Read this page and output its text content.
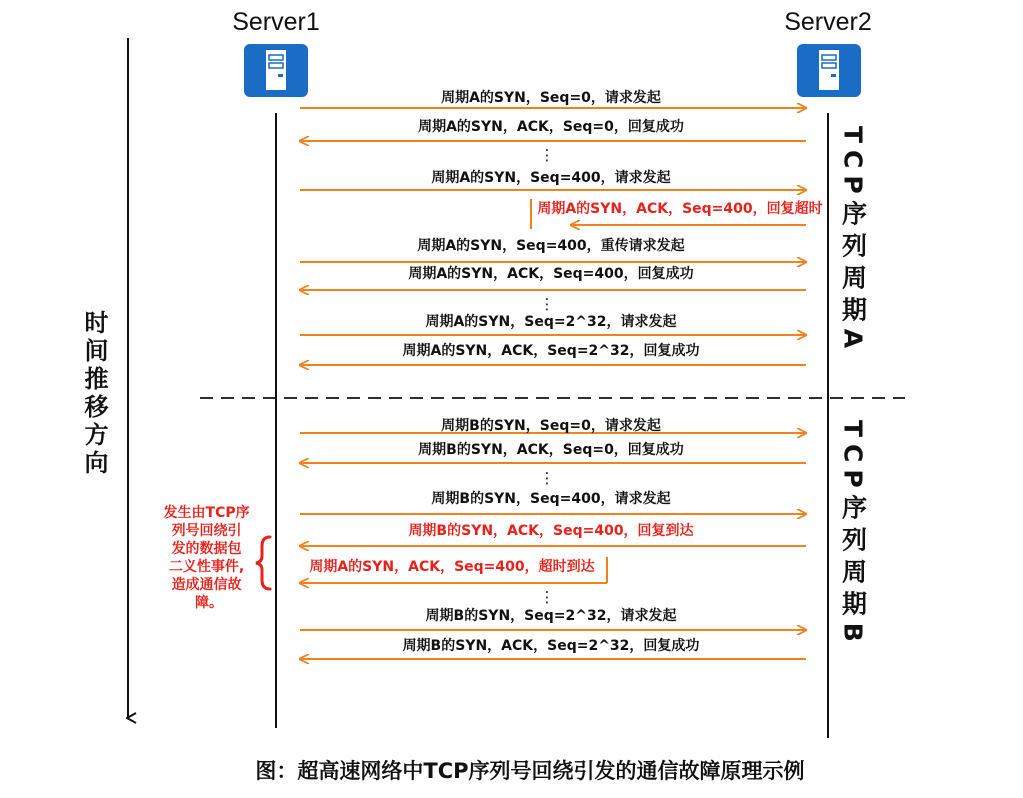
Server1	Server2
时间推移方向
TCP序列周期A
TCP序列周期B
周期A的SYN，Seq=0，请求发起
周期A的SYN，ACK，Seq=0，回复成功
⋮
周期A的SYN，Seq=400，请求发起
周期A的SYN，ACK，Seq=400，回复超时
周期A的SYN，Seq=400，重传请求发起
周期A的SYN，ACK，Seq=400，回复成功
⋮
周期A的SYN，Seq=2^32，请求发起
周期A的SYN，ACK，Seq=2^32，回复成功
周期B的SYN，Seq=0，请求发起
周期B的SYN，ACK，Seq=0，回复成功
⋮
周期B的SYN，Seq=400，请求发起
周期B的SYN，ACK，Seq=400，回复到达
周期A的SYN，ACK，Seq=400，超时到达
⋮
周期B的SYN，Seq=2^32，请求发起
周期B的SYN，ACK，Seq=2^32，回复成功
发生由TCP序 列号回绕引 发的数据包 二义性事件, 造成通信故 障。
图：超高速网络中TCP序列号回绕引发的通信故障原理示例
